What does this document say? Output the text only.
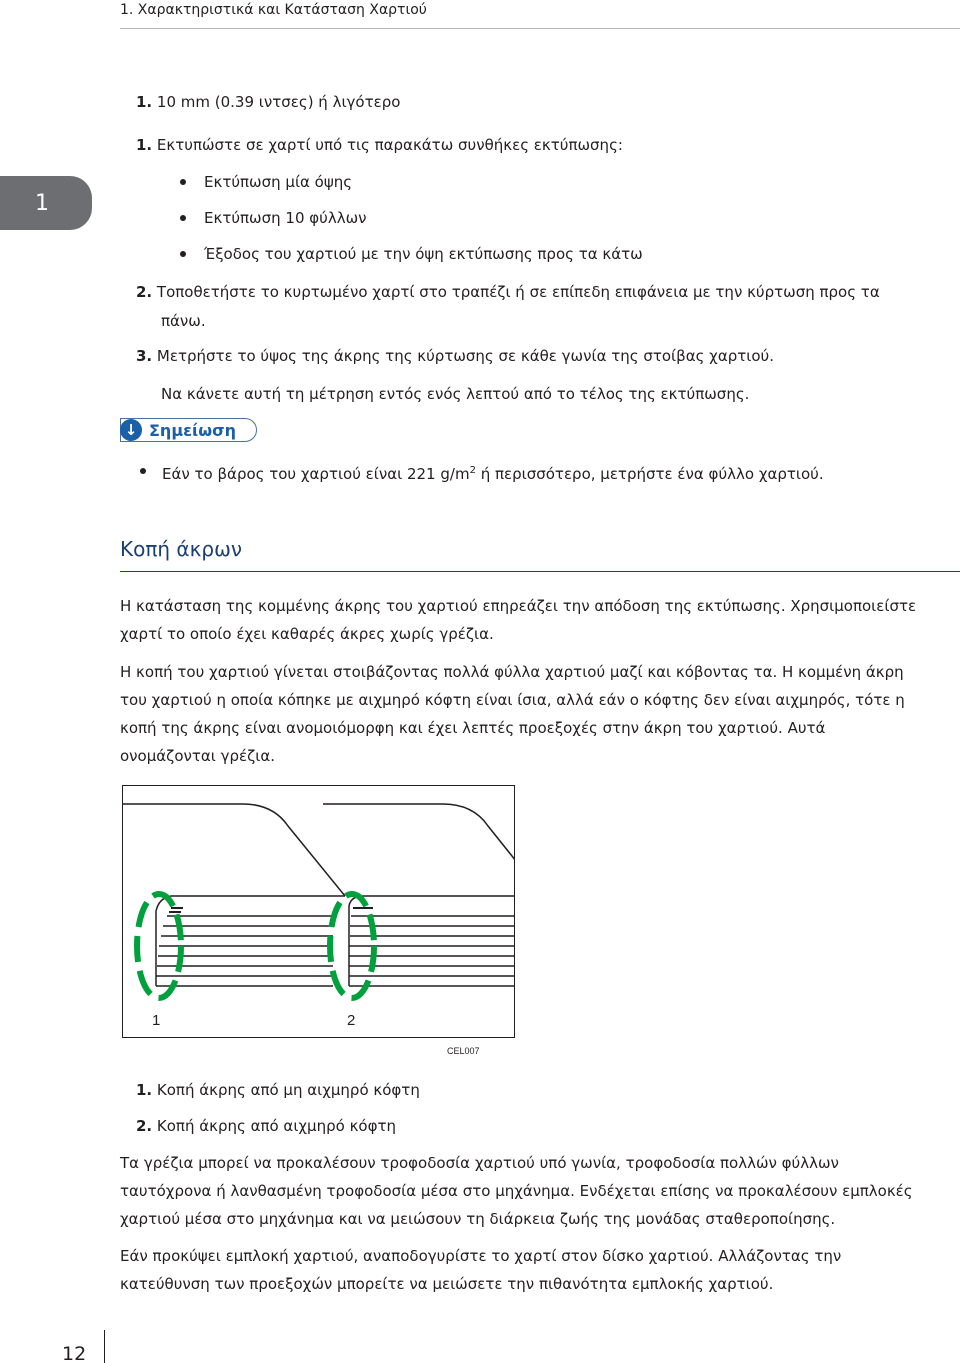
1. Χαρακτηριστικά και Κατάσταση Χαρτιού
1
1. 10 mm (0.39 ιντσες) ή λιγότερο
1. Εκτυπώστε σε χαρτί υπό τις παρακάτω συνθήκες εκτύπωσης:
Εκτύπωση μία όψης
Εκτύπωση 10 φύλλων
Έξοδος του χαρτιού με την όψη εκτύπωσης προς τα κάτω
2. Τοποθετήστε το κυρτωμένο χαρτί στο τραπέζι ή σε επίπεδη επιφάνεια με την κύρτωση προς τα
πάνω.
3. Μετρήστε το ύψος της άκρης της κύρτωσης σε κάθε γωνία της στοίβας χαρτιού.
Να κάνετε αυτή τη μέτρηση εντός ενός λεπτού από το τέλος της εκτύπωσης.
↓ Σημείωση
Εάν το βάρος του χαρτιού είναι 221 $g/m^2$ ή περισσότερο, μετρήστε ένα φύλλο χαρτιού.
Κοπή άκρων
Η κατάσταση της κομμένης άκρης του χαρτιού επηρεάζει την απόδοση της εκτύπωσης. Χρησιμοποιείστε
χαρτί το οποίο έχει καθαρές άκρες χωρίς γρέζια.
Η κοπή του χαρτιού γίνεται στοιβάζοντας πολλά φύλλα χαρτιού μαζί και κόβοντας τα. Η κομμένη άκρη
του χαρτιού η οποία κόπηκε με αιχμηρό κόφτη είναι ίσια, αλλά εάν ο κόφτης δεν είναι αιχμηρός, τότε η
κοπή της άκρης είναι ανομοιόμορφη και έχει λεπτές προεξοχές στην άκρη του χαρτιού. Αυτά
ονομάζονται γρέζια.
1	2
CEL007
1. Κοπή άκρης από μη αιχμηρό κόφτη
2. Κοπή άκρης από αιχμηρό κόφτη
Τα γρέζια μπορεί να προκαλέσουν τροφοδοσία χαρτιού υπό γωνία, τροφοδοσία πολλών φύλλων
ταυτόχρονα ή λανθασμένη τροφοδοσία μέσα στο μηχάνημα. Ενδέχεται επίσης να προκαλέσουν εμπλοκές
χαρτιού μέσα στο μηχάνημα και να μειώσουν τη διάρκεια ζωής της μονάδας σταθεροποίησης.
Εάν προκύψει εμπλοκή χαρτιού, αναποδογυρίστε το χαρτί στον δίσκο χαρτιού. Αλλάζοντας την
κατεύθυνση των προεξοχών μπορείτε να μειώσετε την πιθανότητα εμπλοκής χαρτιού.
12
